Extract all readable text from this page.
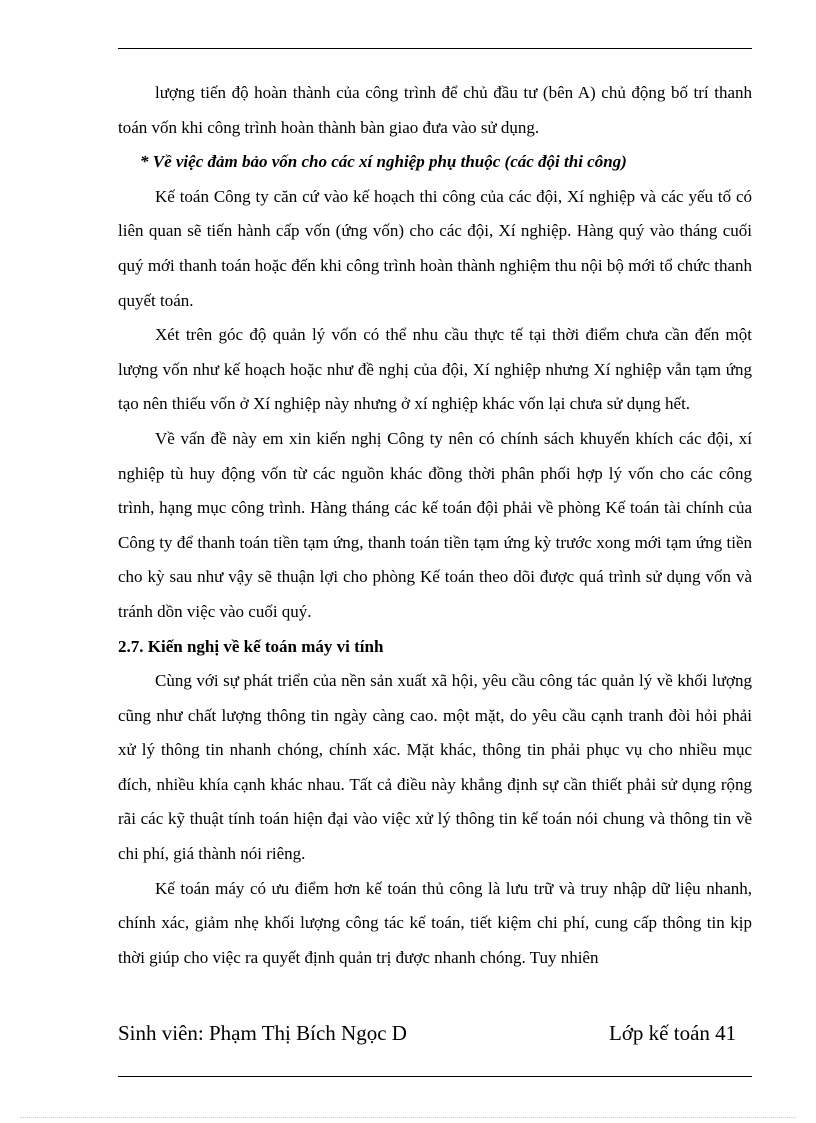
lượng tiến độ hoàn thành của công trình để chủ đầu tư (bên A) chủ động bố trí thanh toán vốn khi công trình hoàn thành bàn giao đưa vào sử dụng.

* Về việc đảm bảo vốn cho các xí nghiệp phụ thuộc (các đội thi công)

Kế toán Công ty căn cứ vào kế hoạch thi công của các đội, Xí nghiệp và các yếu tố có liên quan sẽ tiến hành cấp vốn (ứng vốn) cho các đội, Xí nghiệp. Hàng quý vào tháng cuối quý mới thanh toán hoặc đến khi công trình hoàn thành nghiệm thu nội bộ mới tổ chức thanh quyết toán.

Xét trên góc độ quản lý vốn có thể nhu cầu thực tế tại thời điểm chưa cần đến một lượng vốn như kế hoạch hoặc như đề nghị của đội, Xí nghiệp nhưng Xí nghiệp vẫn tạm ứng tạo nên thiếu vốn ở Xí nghiệp này nhưng ở xí nghiệp khác vốn lại chưa sử dụng hết.

Về vấn đề này em xin kiến nghị Công ty nên có chính sách khuyến khích các đội, xí nghiệp tù huy động vốn từ các nguồn khác đồng thời phân phối hợp lý vốn cho các công trình, hạng mục công trình. Hàng tháng các kế toán đội phải về phòng Kế toán tài chính của Công ty để thanh toán tiền tạm ứng, thanh toán tiền tạm ứng kỳ trước xong mới tạm ứng tiền cho kỳ sau như vậy sẽ thuận lợi cho phòng Kế toán theo dõi được quá trình sử dụng vốn và tránh dồn việc vào cuối quý.

2.7. Kiến nghị về kế toán máy vi tính

Cùng với sự phát triển của nền sản xuất xã hội, yêu cầu công tác quản lý về khối lượng cũng như chất lượng thông tin ngày càng cao. một mặt, do yêu cầu cạnh tranh đòi hỏi phải xử lý thông tin nhanh chóng, chính xác. Mặt khác, thông tin phải phục vụ cho nhiều mục đích, nhiều khía cạnh khác nhau. Tất cả điều này khẳng định sự cần thiết phải sử dụng rộng rãi các kỹ thuật tính toán hiện đại vào việc xử lý thông tin kế toán nói chung và thông tin về chi phí, giá thành nói riêng.

Kế toán máy có ưu điểm hơn kế toán thủ công là lưu trữ và truy nhập dữ liệu nhanh, chính xác, giảm nhẹ khối lượng công tác kế toán, tiết kiệm chi phí, cung cấp thông tin kịp thời giúp cho việc ra quyết định quản trị được nhanh chóng. Tuy nhiên

Sinh viên: Phạm Thị Bích Ngọc D	Lớp kế toán 41
